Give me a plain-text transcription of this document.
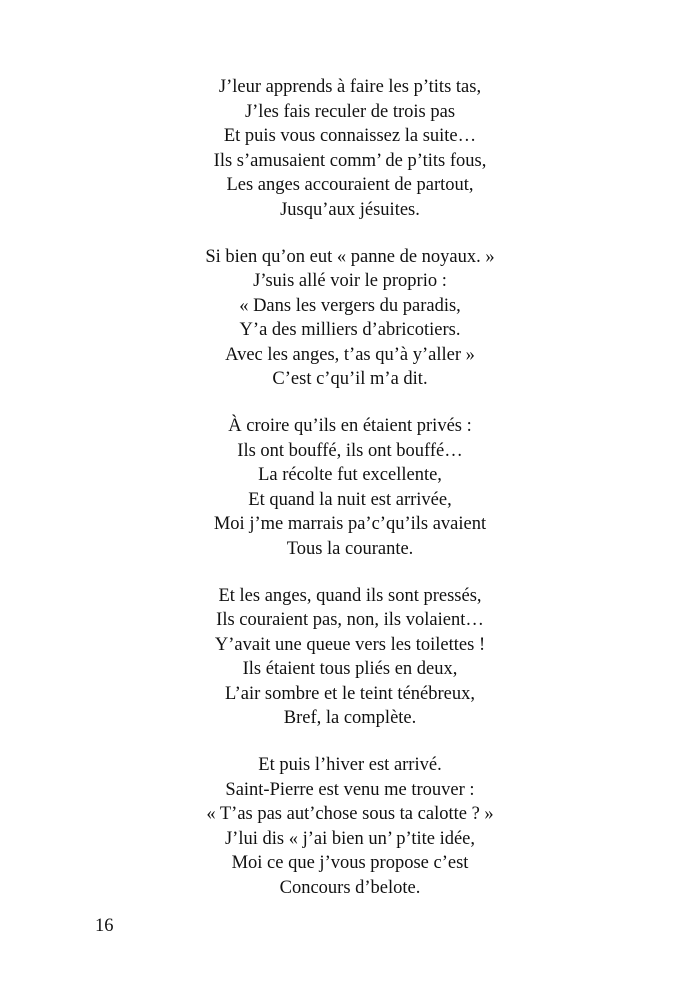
J’leur apprends à faire les p’tits tas,
J’les fais reculer de trois pas
Et puis vous connaissez la suite…
Ils s’amusaient comm’ de p’tits fous,
Les anges accouraient de partout,
Jusqu’aux jésuites.
Si bien qu’on eut « panne de noyaux. »
J’suis allé voir le proprio :
« Dans les vergers du paradis,
Y’a des milliers d’abricotiers.
Avec les anges, t’as qu’à y’aller »
C’est c’qu’il m’a dit.
À croire qu’ils en étaient privés :
Ils ont bouffé, ils ont bouffé…
La récolte fut excellente,
Et quand la nuit est arrivée,
Moi j’me marrais pa’c’qu’ils avaient
Tous la courante.
Et les anges, quand ils sont pressés,
Ils couraient pas, non, ils volaient…
Y’avait une queue vers les toilettes !
Ils étaient tous pliés en deux,
L’air sombre et le teint ténébreux,
Bref, la complète.
Et puis l’hiver est arrivé.
Saint-Pierre est venu me trouver :
« T’as pas aut’chose sous ta calotte ? »
J’lui dis « j’ai bien un’ p’tite idée,
Moi ce que j’vous propose c’est
Concours d’belote.
16
